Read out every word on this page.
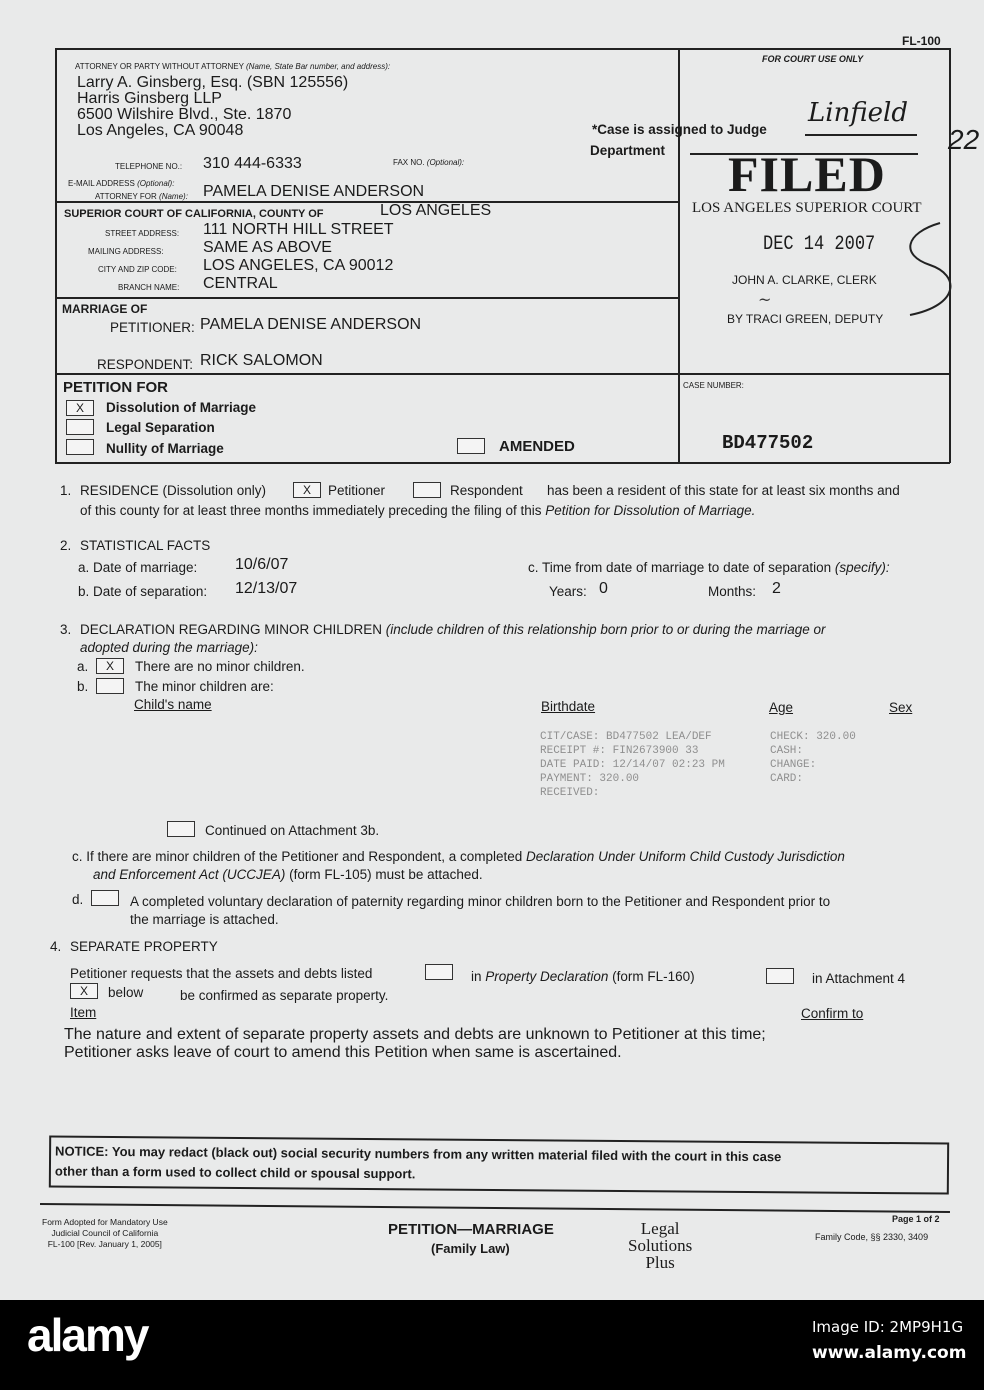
FL-100
ATTORNEY OR PARTY WITHOUT ATTORNEY (Name, State Bar number, and address):
Larry A. Ginsberg, Esq. (SBN 125556)
Harris Ginsberg LLP
6500 Wilshire Blvd., Ste. 1870
Los Angeles, CA 90048
TELEPHONE NO.: 310 444-6333	FAX NO. (Optional):
E-MAIL ADDRESS (Optional):
ATTORNEY FOR (Name): PAMELA DENISE ANDERSON
SUPERIOR COURT OF CALIFORNIA, COUNTY OF	LOS ANGELES
STREET ADDRESS: 111 NORTH HILL STREET
MAILING ADDRESS: SAME AS ABOVE
CITY AND ZIP CODE: LOS ANGELES, CA 90012
BRANCH NAME: CENTRAL
MARRIAGE OF
PETITIONER: PAMELA DENISE ANDERSON
RESPONDENT: RICK SALOMON
PETITION FOR
X	Dissolution of Marriage
Legal Separation
Nullity of Marriage	AMENDED
FOR COURT USE ONLY
*Case is assigned to Judge
Linfield
Department	22
FILED
LOS ANGELES SUPERIOR COURT
DEC 14 2007
JOHN A. CLARKE, CLERK
~
BY TRACI GREEN, DEPUTY
CASE NUMBER:
BD477502
1. RESIDENCE (Dissolution only)	X	Petitioner	Respondent has been a resident of this state for at least six months and
of this county for at least three months immediately preceding the filing of this Petition for Dissolution of Marriage.
2. STATISTICAL FACTS
a. Date of marriage: 10/6/07
b. Date of separation: 12/13/07
c. Time from date of marriage to date of separation (specify):
Years: 0	Months: 2
3. DECLARATION REGARDING MINOR CHILDREN (include children of this relationship born prior to or during the marriage or
adopted during the marriage):
a.	X	There are no minor children.
b.	The minor children are:
Child's name	Birthdate	Age	Sex
CIT/CASE: BD477502 LEA/DEF
RECEIPT #: FIN2673900 33
DATE PAID: 12/14/07 02:23 PM
PAYMENT: 320.00
RECEIVED:
CHECK: 320.00
CASH:
CHANGE:
CARD:
Continued on Attachment 3b.
c. If there are minor children of the Petitioner and Respondent, a completed Declaration Under Uniform Child Custody Jurisdiction
and Enforcement Act (UCCJEA) (form FL-105) must be attached.
d.	A completed voluntary declaration of paternity regarding minor children born to the Petitioner and Respondent prior to
the marriage is attached.
4. SEPARATE PROPERTY
Petitioner requests that the assets and debts listed	in Property Declaration (form FL-160)	in Attachment 4
X	below	be confirmed as separate property.
Item	Confirm to
The nature and extent of separate property assets and debts are unknown to Petitioner at this time;
Petitioner asks leave of court to amend this Petition when same is ascertained.
NOTICE: You may redact (black out) social security numbers from any written material filed with the court in this case
other than a form used to collect child or spousal support.
Form Adopted for Mandatory Use
Judicial Council of California
FL-100 [Rev. January 1, 2005]
PETITION—MARRIAGE
(Family Law)
Legal
Solutions
Plus
Page 1 of 2
Family Code, §§ 2330, 3409
alamy	Image ID: 2MP9H1G
www.alamy.com
